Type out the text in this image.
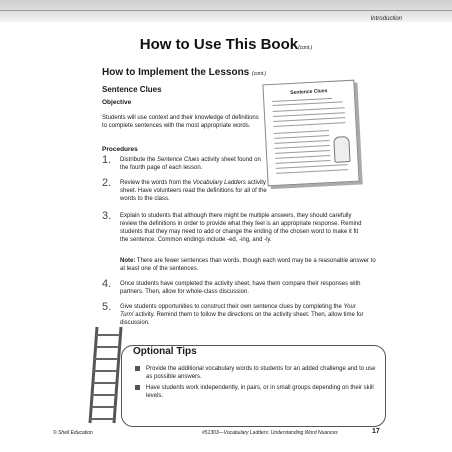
Introduction
How to Use This Book(cont.)
How to Implement the Lessons (cont.)
Sentence Clues
Objective
Students will use context and their knowledge of definitions to complete sentences with the most appropriate words.
Procedures
1. Distribute the Sentence Clues activity sheet found on the fourth page of each lesson.
2. Review the words from the Vocabulary Ladders activity sheet. Have volunteers read the definitions for all of the words to the class.
3. Explain to students that although there might be multiple answers, they should carefully review the definitions in order to provide what they feel is an appropriate response. Remind students that they may need to add or change the ending of the chosen word to make it fit the sentence. Common endings include -ed, -ing, and -ly.
Note: There are fewer sentences than words, though each word may be a reasonable answer to at least one of the sentences.
4. Once students have completed the activity sheet, have them compare their responses with partners. Then, allow for whole-class discussion.
5. Give students opportunities to construct their own sentence clues by completing the Your Turn! activity. Remind them to follow the directions on the activity sheet. Then, allow time for discussion.
Sentence Clues
Optional Tips
Provide the additional vocabulary words to students for an added challenge and to use as possible answers.
Have students work independently, in pairs, or in small groups depending on their skill levels.
© Shell Education	#51303—Vocabulary Ladders: Understanding Word Nuances	17
